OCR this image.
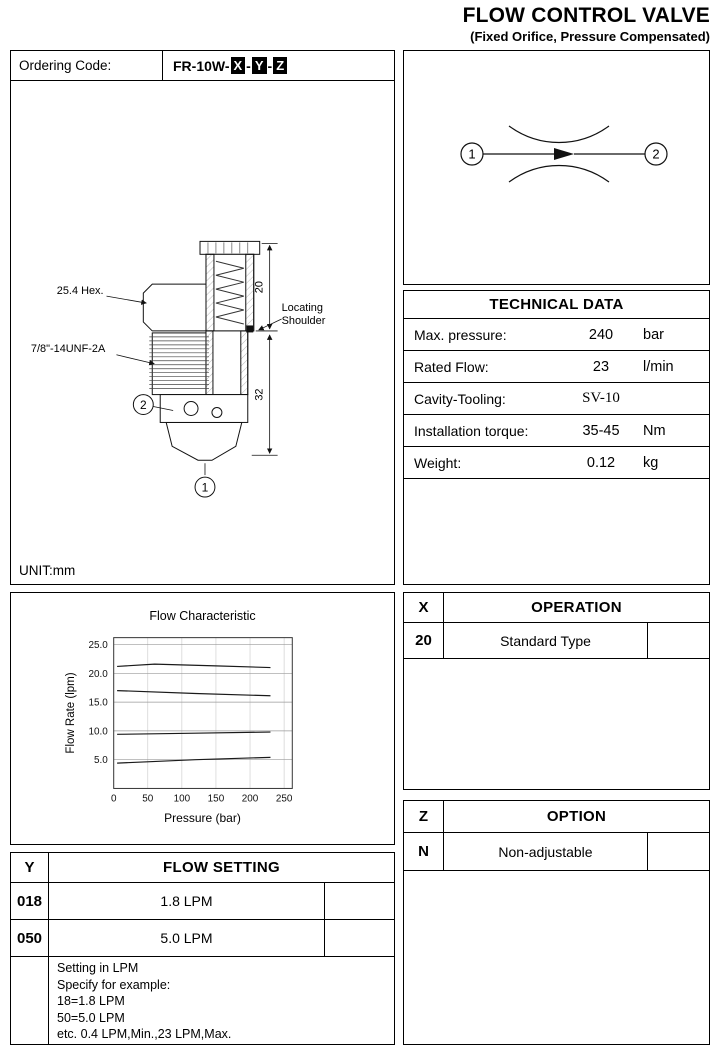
FLOW CONTROL VALVE
(Fixed Orifice, Pressure Compensated)
Ordering Code:	FR-10W- X - Y - Z
25.4 Hex.
7/8"-14UNF-2A
Locating
Shoulder
20
32
2
1
UNIT:mm
1	2
TECHNICAL DATA
Max. pressure:	240	bar
Rated Flow:	23	l/min
Cavity-Tooling:	SV-10
Installation torque:	35-45	Nm
Weight:	0.12	kg
Flow Characteristic
Flow Rate (lpm)
Pressure (bar)
5.0
10.0
15.0
20.0
25.0
0	50 100 150 200 250
X	OPERATION
20	Standard Type
Z	OPTION
N	Non-adjustable
Y	FLOW SETTING
018	1.8 LPM
050	5.0 LPM
Setting in LPM
Specify for example:
18=1.8 LPM
50=5.0 LPM
etc. 0.4 LPM,Min.,23 LPM,Max.
